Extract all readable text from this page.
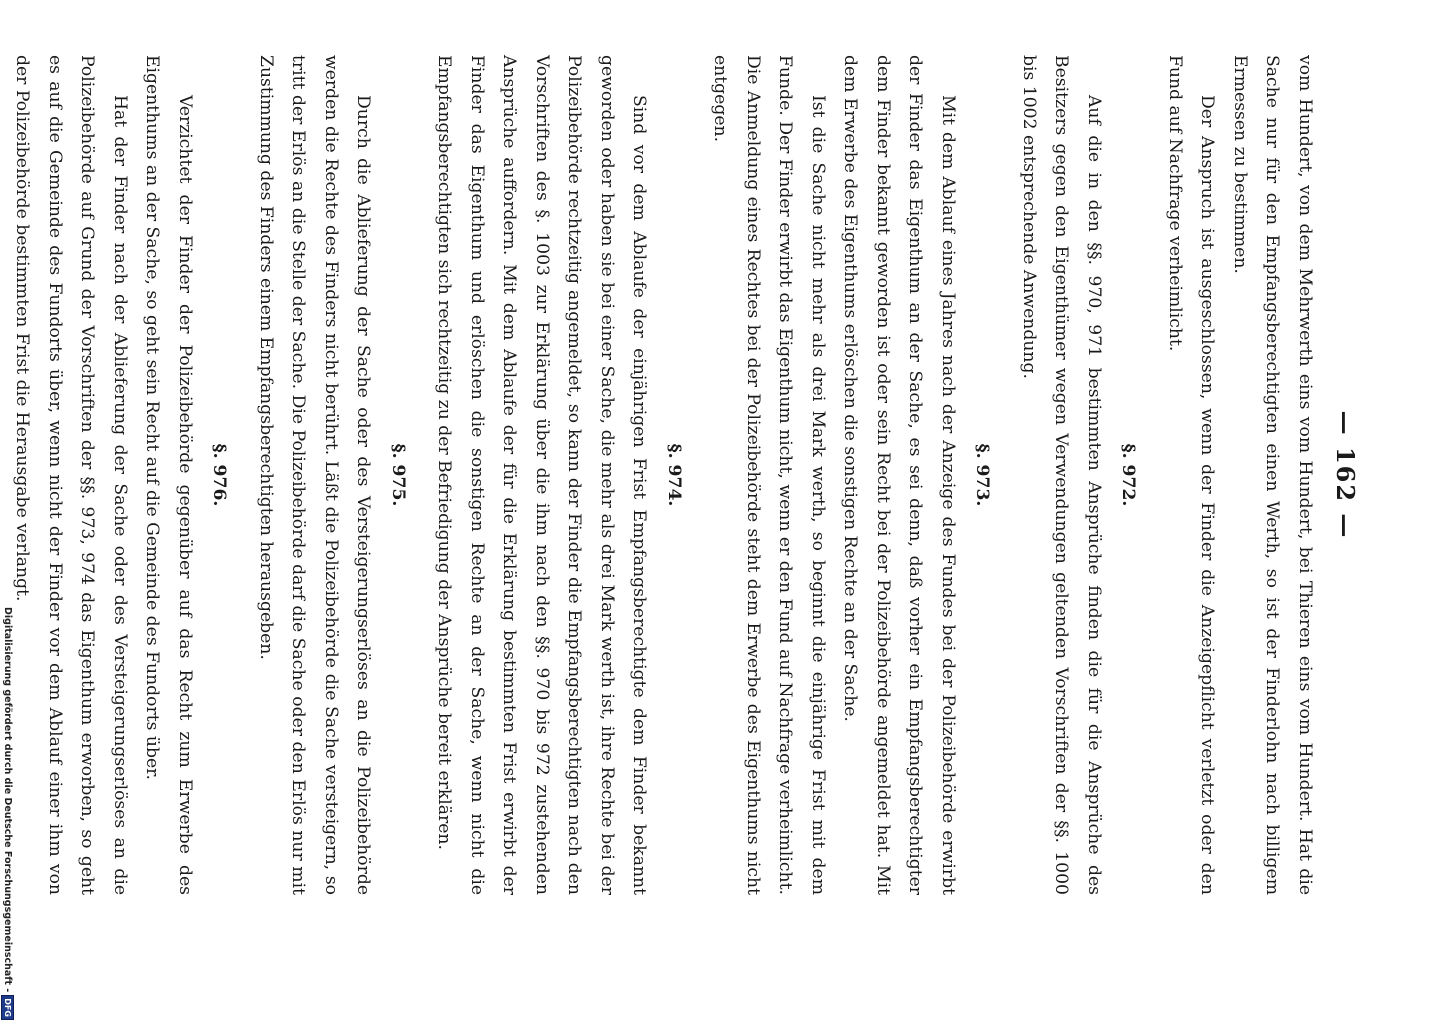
— 162 —

vom Hundert, von dem Mehrwerth eins vom Hundert, bei Thieren eins vom Hundert. Hat die Sache nur für den Empfangsberechtigten einen Werth, so ist der Finderlohn nach billigem Ermessen zu bestimmen.

Der Anspruch ist ausgeschlossen, wenn der Finder die Anzeigepflicht verletzt oder den Fund auf Nachfrage verheimlicht.

§. 972.

Auf die in den §§. 970, 971 bestimmten Ansprüche finden die für die Ansprüche des Besitzers gegen den Eigenthümer wegen Verwendungen geltenden Vorschriften der §§. 1000 bis 1002 entsprechende Anwendung.

§. 973.

Mit dem Ablauf eines Jahres nach der Anzeige des Fundes bei der Polizeibehörde erwirbt der Finder das Eigenthum an der Sache, es sei denn, daß vorher ein Empfangsberechtigter dem Finder bekannt geworden ist oder sein Recht bei der Polizeibehörde angemeldet hat. Mit dem Erwerbe des Eigenthums erlöschen die sonstigen Rechte an der Sache.

Ist die Sache nicht mehr als drei Mark werth, so beginnt die einjährige Frist mit dem Funde. Der Finder erwirbt das Eigenthum nicht, wenn er den Fund auf Nachfrage verheimlicht. Die Anmeldung eines Rechtes bei der Polizeibehörde steht dem Erwerbe des Eigenthums nicht entgegen.

§. 974.

Sind vor dem Ablaufe der einjährigen Frist Empfangsberechtigte dem Finder bekannt geworden oder haben sie bei einer Sache, die mehr als drei Mark werth ist, ihre Rechte bei der Polizeibehörde rechtzeitig angemeldet, so kann der Finder die Empfangsberechtigten nach den Vorschriften des §. 1003 zur Erklärung über die ihm nach den §§. 970 bis 972 zustehenden Ansprüche auffordern. Mit dem Ablaufe der für die Erklärung bestimmten Frist erwirbt der Finder das Eigenthum und erlöschen die sonstigen Rechte an der Sache, wenn nicht die Empfangsberechtigten sich rechtzeitig zu der Befriedigung der Ansprüche bereit erklären.

§. 975.

Durch die Ablieferung der Sache oder des Versteigerungserlöses an die Polizeibehörde werden die Rechte des Finders nicht berührt. Läßt die Polizeibehörde die Sache versteigern, so tritt der Erlös an die Stelle der Sache. Die Polizeibehörde darf die Sache oder den Erlös nur mit Zustimmung des Finders einem Empfangsberechtigten herausgeben.

§. 976.

Verzichtet der Finder der Polizeibehörde gegenüber auf das Recht zum Erwerbe des Eigenthums an der Sache, so geht sein Recht auf die Gemeinde des Fundorts über.

Hat der Finder nach der Ablieferung der Sache oder des Versteigerungserlöses an die Polizeibehörde auf Grund der Vorschriften der §§. 973, 974 das Eigenthum erworben, so geht es auf die Gemeinde des Fundorts über, wenn nicht der Finder vor dem Ablauf einer ihm von der Polizeibehörde bestimmten Frist die Herausgabe verlangt.

Digitalisierung gefördert durch die Deutsche Forschungsgemeinschaft -
DFG
